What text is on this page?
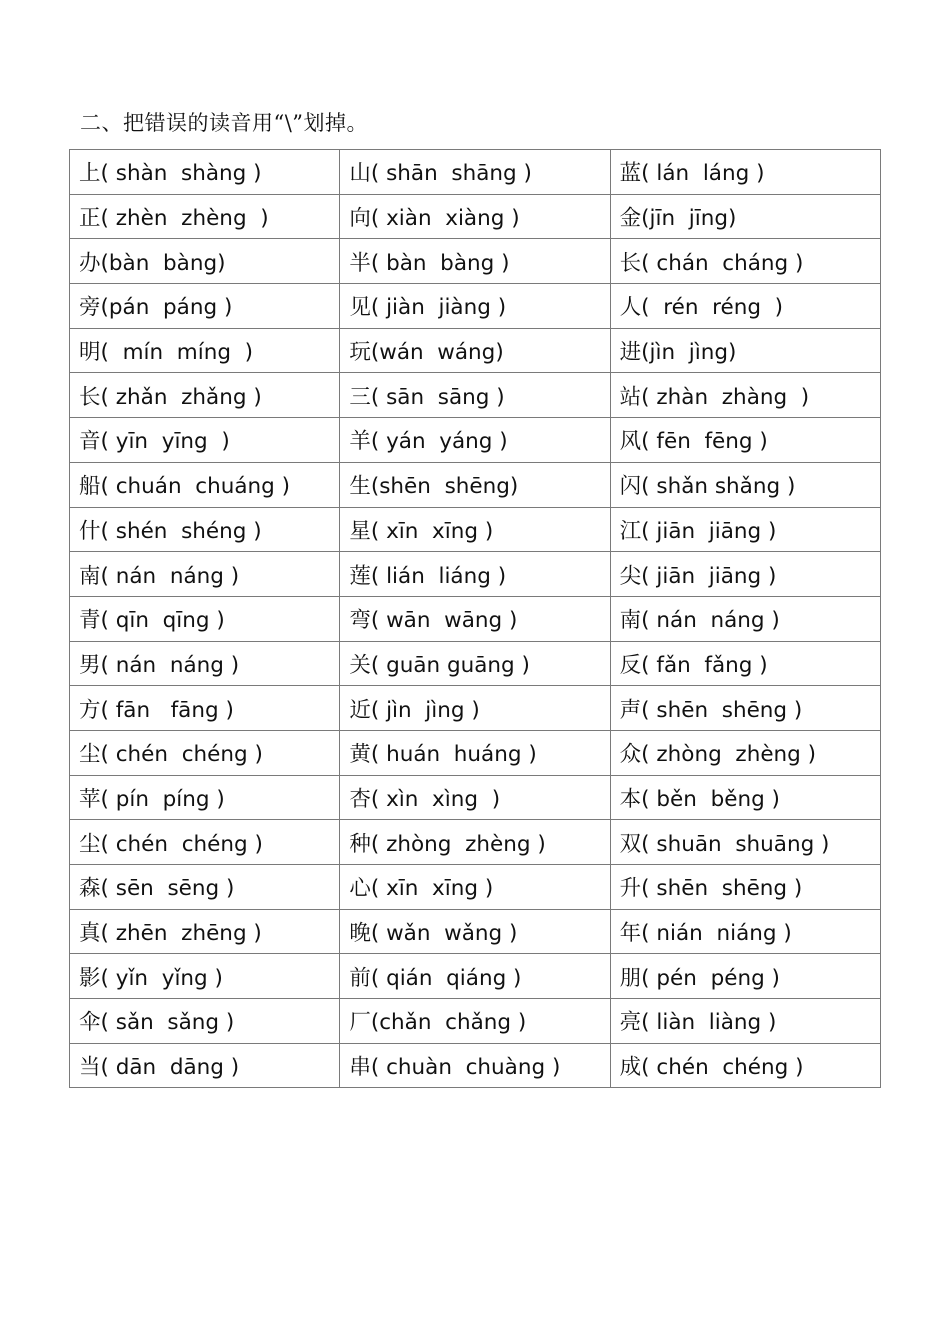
二、把错误的读音用“\”划掉。
上( shàn  shàng )	山( shān  shāng )	蓝( lán  láng )
正( zhèn  zhèng  )	向( xiàn  xiàng )	金(jīn  jīng)
办(bàn  bàng)	半( bàn  bàng )	长( chán  cháng )
旁(pán  páng )	见( jiàn  jiàng )	人(  rén  réng  )
明(  mín  míng  )	玩(wán  wáng)	进(jìn  jìng)
长( zhǎn  zhǎng )	三( sān  sāng )	站( zhàn  zhàng  )
音( yīn  yīng  )	羊( yán  yáng )	风( fēn  fēng )
船( chuán  chuáng )	生(shēn  shēng)	闪( shǎn shǎng )
什( shén  shéng )	星( xīn  xīng )	江( jiān  jiāng )
南( nán  náng )	莲( lián  liáng )	尖( jiān  jiāng )
青( qīn  qīng )	弯( wān  wāng )	南( nán  náng )
男( nán  náng )	关( guān guāng )	反( fǎn  fǎng )
方( fān   fāng )	近( jìn  jìng )	声( shēn  shēng )
尘( chén  chéng )	黄( huán  huáng )	众( zhòng  zhèng )
苹( pín  píng )	杏( xìn  xìng  )	本( běn  běng )
尘( chén  chéng )	种( zhòng  zhèng )	双( shuān  shuāng )
森( sēn  sēng )	心( xīn  xīng )	升( shēn  shēng )
真( zhēn  zhēng )	晚( wǎn  wǎng )	年( nián  niáng )
影( yǐn  yǐng )	前( qián  qiáng )	朋( pén  péng )
伞( sǎn  sǎng )	厂(chǎn  chǎng )	亮( liàn  liàng )
当( dān  dāng )	串( chuàn  chuàng )	成( chén  chéng )
